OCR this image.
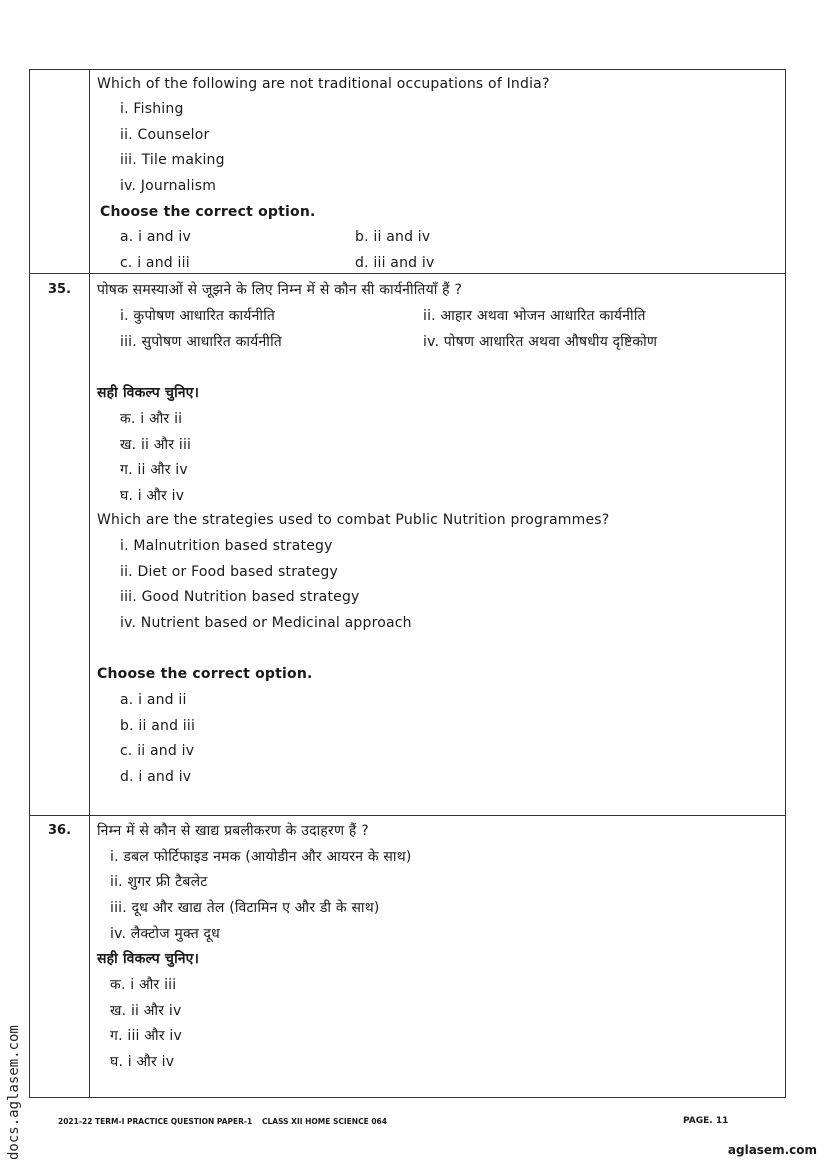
Which of the following are not traditional occupations of India?
i. Fishing
ii. Counselor
iii. Tile making
iv. Journalism
Choose the correct option.
a. i and iv	b. ii and iv
c. i and iii	d. iii and iv
35. पोषक समस्याओं से जूझने के लिए निम्न में से कौन सी कार्यनीतियाँ हैं ?
i. कुपोषण आधारित कार्यनीति	ii. आहार अथवा भोजन आधारित कार्यनीति
iii. सुपोषण आधारित कार्यनीति	iv. पोषण आधारित अथवा औषधीय दृष्टिकोण
सही विकल्प चुनिए।
क. i और ii
ख. ii और iii
ग. ii और iv
घ. i और iv
Which are the strategies used to combat Public Nutrition programmes?
i. Malnutrition based strategy
ii. Diet or Food based strategy
iii. Good Nutrition based strategy
iv. Nutrient based or Medicinal approach
Choose the correct option.
a. i and ii
b. ii and iii
c. ii and iv
d. i and iv
36. निम्न में से कौन से खाद्य प्रबलीकरण के उदाहरण हैं ?
i. डबल फोर्टिफाइड नमक (आयोडीन और आयरन के साथ)
ii. शुगर फ्री टैबलेट
iii. दूध और खाद्य तेल (विटामिन ए और डी के साथ)
iv. लैक्टोज मुक्त दूध
सही विकल्प चुनिए।
क. i और iii
ख. ii और iv
ग. iii और iv
घ. i और iv
2021-22 TERM-I PRACTICE QUESTION PAPER-1 CLASS XII HOME SCIENCE 064	PAGE. 11
docs.aglasem.com	aglasem.com
